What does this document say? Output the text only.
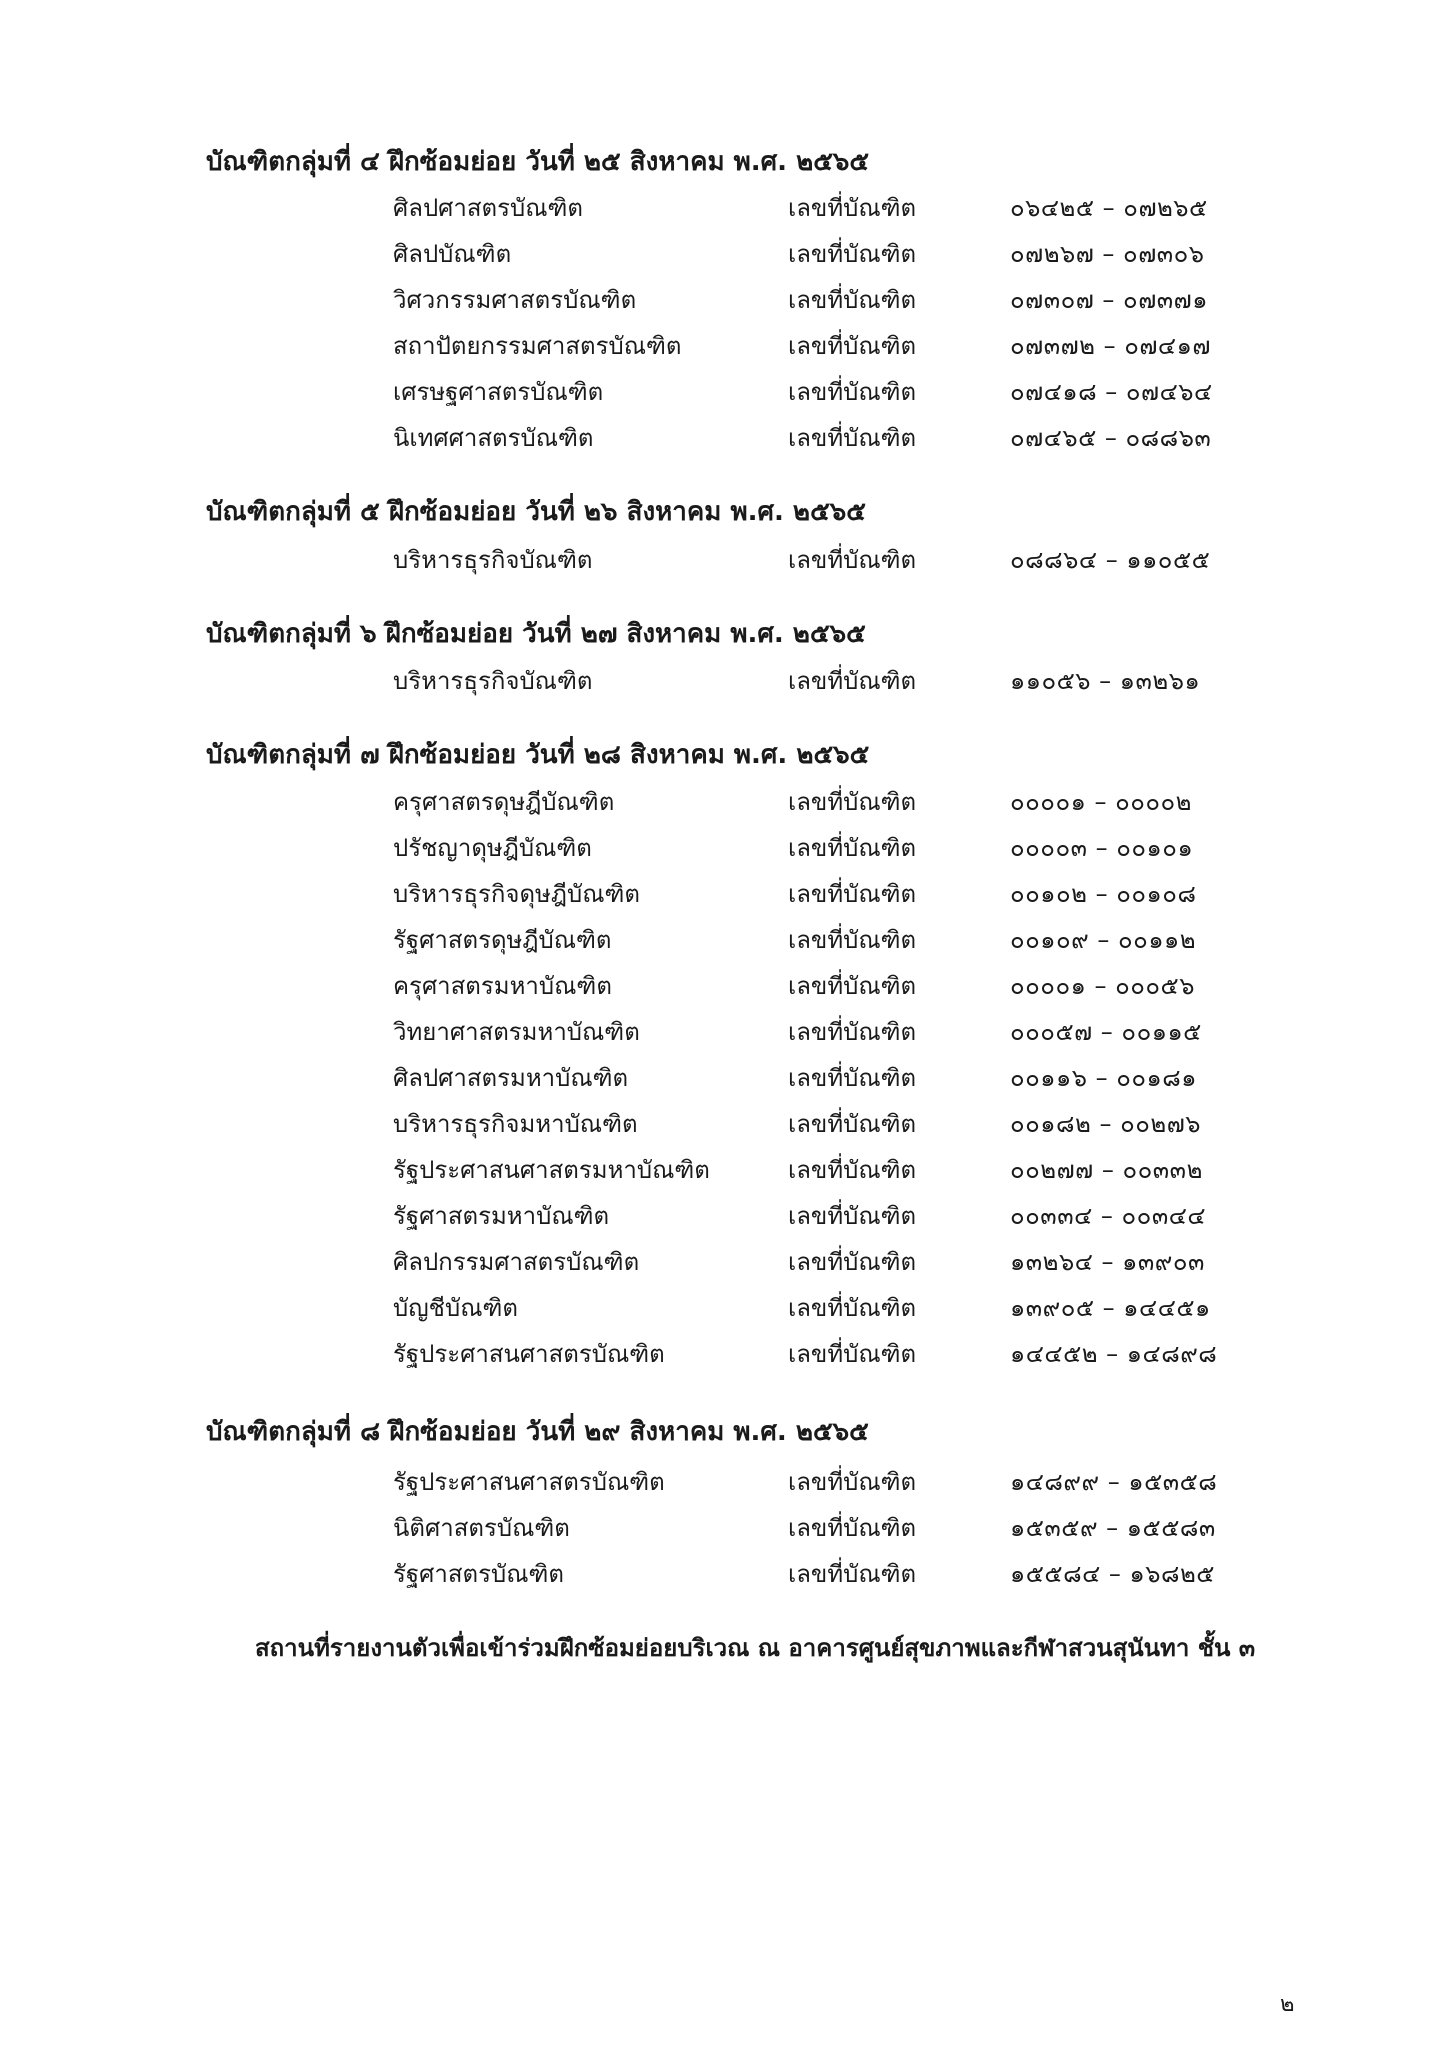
บัณฑิตกลุ่มที่ ๔ ฝึกซ้อมย่อย วันที่ ๒๕ สิงหาคม พ.ศ. ๒๕๖๕
ศิลปศาสตรบัณฑิต	เลขที่บัณฑิต	๐๖๔๒๕ – ๐๗๒๖๕
ศิลปบัณฑิต	เลขที่บัณฑิต	๐๗๒๖๗ – ๐๗๓๐๖
วิศวกรรมศาสตรบัณฑิต	เลขที่บัณฑิต	๐๗๓๐๗ – ๐๗๓๗๑
สถาปัตยกรรมศาสตรบัณฑิต	เลขที่บัณฑิต	๐๗๓๗๒ – ๐๗๔๑๗
เศรษฐศาสตรบัณฑิต	เลขที่บัณฑิต	๐๗๔๑๘ – ๐๗๔๖๔
นิเทศศาสตรบัณฑิต	เลขที่บัณฑิต	๐๗๔๖๕ – ๐๘๘๖๓
บัณฑิตกลุ่มที่ ๕ ฝึกซ้อมย่อย วันที่ ๒๖ สิงหาคม พ.ศ. ๒๕๖๕
บริหารธุรกิจบัณฑิต	เลขที่บัณฑิต	๐๘๘๖๔ – ๑๑๐๕๕
บัณฑิตกลุ่มที่ ๖ ฝึกซ้อมย่อย วันที่ ๒๗ สิงหาคม พ.ศ. ๒๕๖๕
บริหารธุรกิจบัณฑิต	เลขที่บัณฑิต	๑๑๐๕๖ – ๑๓๒๖๑
บัณฑิตกลุ่มที่ ๗ ฝึกซ้อมย่อย วันที่ ๒๘ สิงหาคม พ.ศ. ๒๕๖๕
ครุศาสตรดุษฎีบัณฑิต	เลขที่บัณฑิต	๐๐๐๐๑ – ๐๐๐๐๒
ปรัชญาดุษฎีบัณฑิต	เลขที่บัณฑิต	๐๐๐๐๓ – ๐๐๑๐๑
บริหารธุรกิจดุษฎีบัณฑิต	เลขที่บัณฑิต	๐๐๑๐๒ – ๐๐๑๐๘
รัฐศาสตรดุษฎีบัณฑิต	เลขที่บัณฑิต	๐๐๑๐๙ – ๐๐๑๑๒
ครุศาสตรมหาบัณฑิต	เลขที่บัณฑิต	๐๐๐๐๑ – ๐๐๐๕๖
วิทยาศาสตรมหาบัณฑิต	เลขที่บัณฑิต	๐๐๐๕๗ – ๐๐๑๑๕
ศิลปศาสตรมหาบัณฑิต	เลขที่บัณฑิต	๐๐๑๑๖ – ๐๐๑๘๑
บริหารธุรกิจมหาบัณฑิต	เลขที่บัณฑิต	๐๐๑๘๒ – ๐๐๒๗๖
รัฐประศาสนศาสตรมหาบัณฑิต	เลขที่บัณฑิต	๐๐๒๗๗ – ๐๐๓๓๒
รัฐศาสตรมหาบัณฑิต	เลขที่บัณฑิต	๐๐๓๓๔ – ๐๐๓๔๔
ศิลปกรรมศาสตรบัณฑิต	เลขที่บัณฑิต	๑๓๒๖๔ – ๑๓๙๐๓
บัญชีบัณฑิต	เลขที่บัณฑิต	๑๓๙๐๕ – ๑๔๔๕๑
รัฐประศาสนศาสตรบัณฑิต	เลขที่บัณฑิต	๑๔๔๕๒ – ๑๔๘๙๘
บัณฑิตกลุ่มที่ ๘ ฝึกซ้อมย่อย วันที่ ๒๙ สิงหาคม พ.ศ. ๒๕๖๕
รัฐประศาสนศาสตรบัณฑิต	เลขที่บัณฑิต	๑๔๘๙๙ – ๑๕๓๕๘
นิติศาสตรบัณฑิต	เลขที่บัณฑิต	๑๕๓๕๙ – ๑๕๕๘๓
รัฐศาสตรบัณฑิต	เลขที่บัณฑิต	๑๕๕๘๔ – ๑๖๘๒๕
สถานที่รายงานตัวเพื่อเข้าร่วมฝึกซ้อมย่อยบริเวณ ณ อาคารศูนย์สุขภาพและกีฬาสวนสุนันทา ชั้น ๓
๒
